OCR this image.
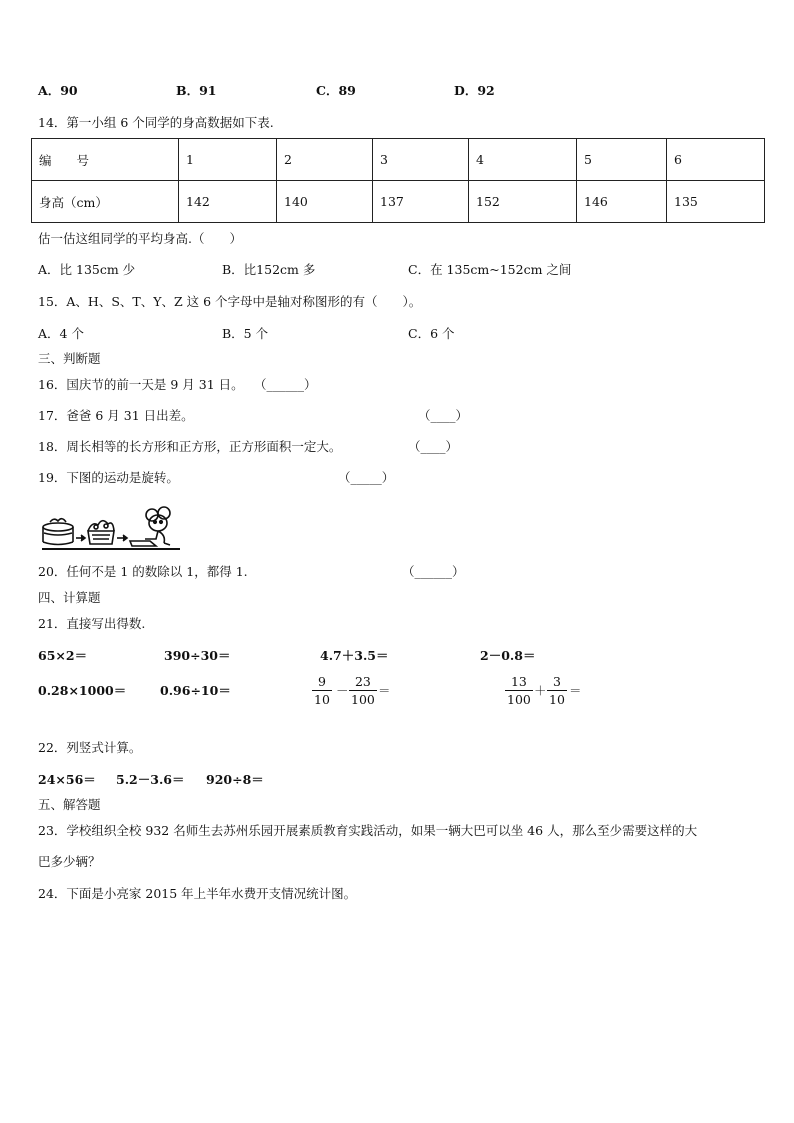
A．90	B．91	C．89	D．92
14．第一小组 6 个同学的身高数据如下表.
编　　号	1	2	3	4	5	6
身高（cm）	142	140	137	152	146	135
估一估这组同学的平均身高.（　　）
A．比 135cm 少	B．比152cm 多	C．在 135cm~152cm 之间
15．A、H、S、T、Y、Z 这 6 个字母中是轴对称图形的有（　　）。
A．4 个	B．5 个	C．6 个
三、判断题
16．国庆节的前一天是 9 月 31 日。 （______）
17．爸爸 6 月 31 日出差。	（____）
18．周长相等的长方形和正方形，正方形面积一定大。	（____）
19．下图的运动是旋转。	（_____）
20．任何不是 1 的数除以 1，都得 1.	（______）
四、计算题
21．直接写出得数.
65×2＝	390÷30＝	4.7＋3.5＝	2－0.8＝
0.28×1000＝	0.96÷10＝
9
10
－
23
100
＝
13
100
＋
3
10
＝
22．列竖式计算。
24×56＝ 5.2－3.6＝ 920÷8＝
五、解答题
23．学校组织全校 932 名师生去苏州乐园开展素质教育实践活动，如果一辆大巴可以坐 46 人，那么至少需要这样的大
巴多少辆？
24．下面是小亮家 2015 年上半年水费开支情况统计图。
